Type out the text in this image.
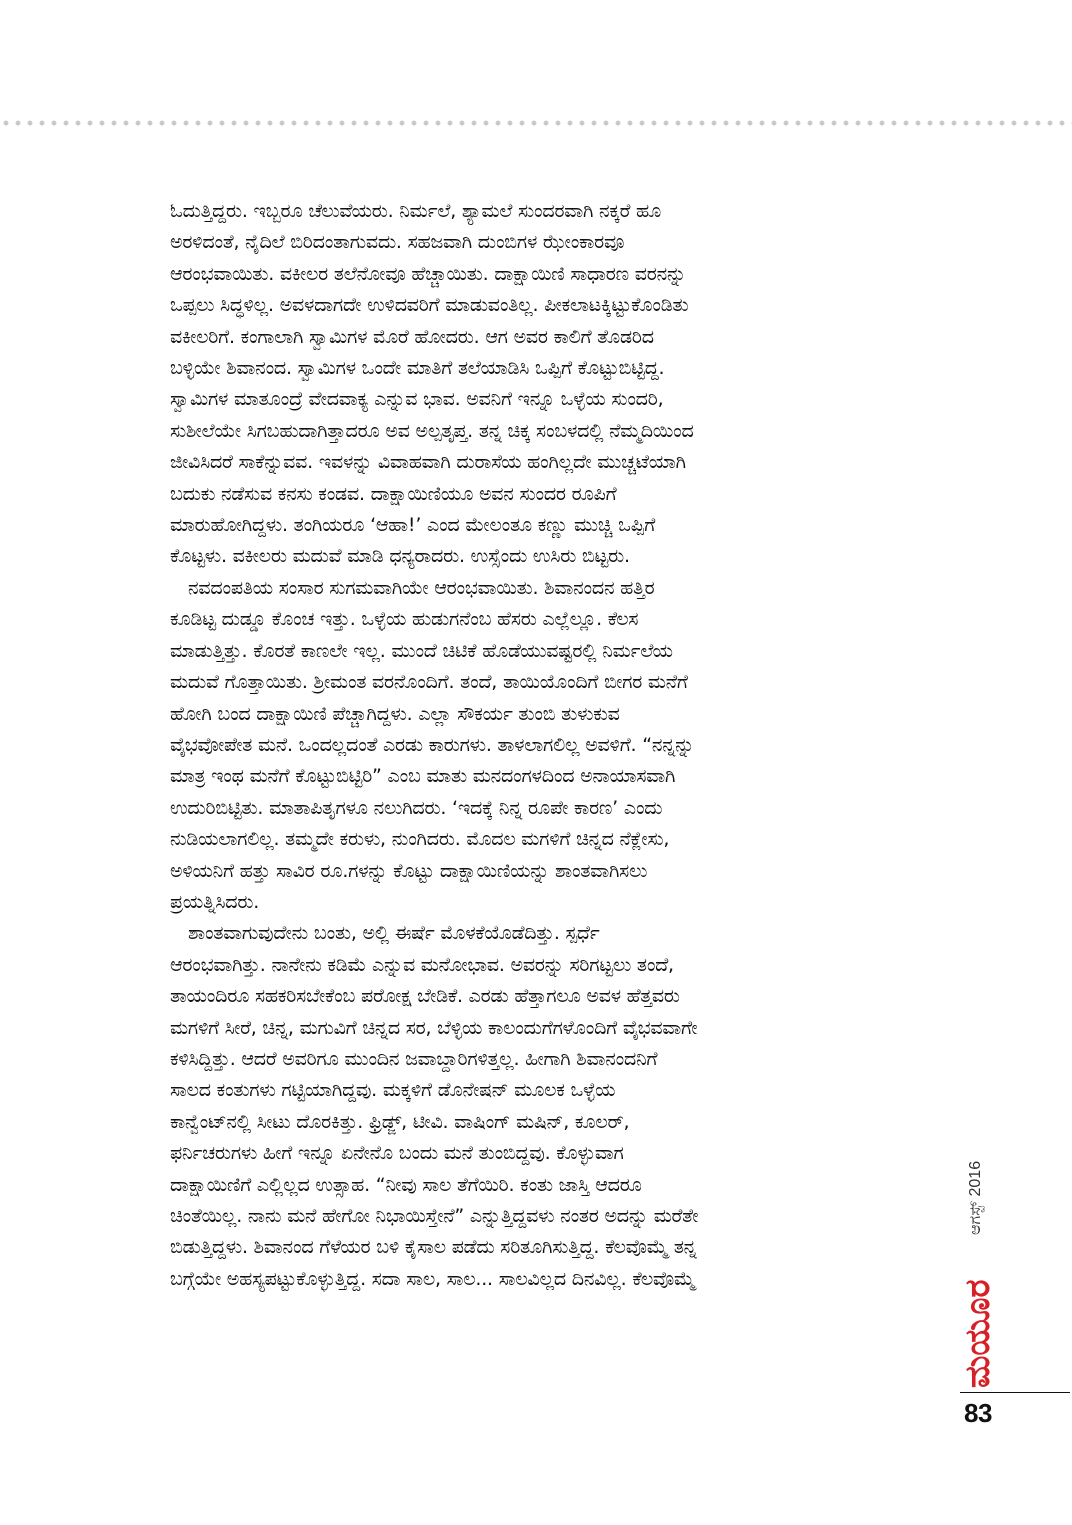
ಓದುತ್ತಿದ್ದರು. ಇಬ್ಬರೂ ಚೆಲುವೆಯರು. ನಿರ್ಮಲೆ, ಶ್ಯಾಮಲೆ ಸುಂದರವಾಗಿ ನಕ್ಕರೆ ಹೂ
ಅರಳಿದಂತೆ, ನೈದಿಲೆ ಬಿರಿದಂತಾಗುವದು. ಸಹಜವಾಗಿ ದುಂಬಿಗಳ ಝೇಂಕಾರವೂ
ಆರಂಭವಾಯಿತು. ವಕೀಲರ ತಲೆನೋವೂ ಹೆಚ್ಚಾಯಿತು. ದಾಕ್ಷಾಯಿಣಿ ಸಾಧಾರಣ ವರನನ್ನು
ಒಪ್ಪಲು ಸಿದ್ಧಳಿಲ್ಲ. ಅವಳದಾಗದೇ ಉಳಿದವರಿಗೆ ಮಾಡುವಂತಿಲ್ಲ. ಪೀಕಲಾಟಕ್ಕಿಟ್ಟುಕೊಂಡಿತು
ವಕೀಲರಿಗೆ. ಕಂಗಾಲಾಗಿ ಸ್ವಾಮಿಗಳ ಮೊರೆ ಹೋದರು. ಆಗ ಅವರ ಕಾಲಿಗೆ ತೊಡರಿದ
ಬಳ್ಳಿಯೇ ಶಿವಾನಂದ. ಸ್ವಾಮಿಗಳ ಒಂದೇ ಮಾತಿಗೆ ತಲೆಯಾಡಿಸಿ ಒಪ್ಪಿಗೆ ಕೊಟ್ಟುಬಿಟ್ಟಿದ್ದ.
ಸ್ವಾಮಿಗಳ ಮಾತೂಂದ್ರೆ ವೇದವಾಕ್ಯ ಎನ್ನುವ ಭಾವ. ಅವನಿಗೆ ಇನ್ನೂ ಒಳ್ಳೆಯ ಸುಂದರಿ,
ಸುಶೀಲೆಯೇ ಸಿಗಬಹುದಾಗಿತ್ತಾದರೂ ಅವ ಅಲ್ಪತೃಪ್ತ. ತನ್ನ ಚಿಕ್ಕ ಸಂಬಳದಲ್ಲಿ ನೆಮ್ಮದಿಯಿಂದ
ಜೀವಿಸಿದರೆ ಸಾಕೆನ್ನುವವ. ಇವಳನ್ನು ವಿವಾಹವಾಗಿ ದುರಾಸೆಯ ಹಂಗಿಲ್ಲದೇ ಮುಚ್ಚಟೆಯಾಗಿ
ಬದುಕು ನಡೆಸುವ ಕನಸು ಕಂಡವ. ದಾಕ್ಷಾಯಿಣಿಯೂ ಅವನ ಸುಂದರ ರೂಪಿಗೆ
ಮಾರುಹೋಗಿದ್ದಳು. ತಂಗಿಯರೂ ‘ಆಹಾ!’ ಎಂದ ಮೇಲಂತೂ ಕಣ್ಣು ಮುಚ್ಚಿ ಒಪ್ಪಿಗೆ
ಕೊಟ್ಟಳು. ವಕೀಲರು ಮದುವೆ ಮಾಡಿ ಧನ್ಯರಾದರು. ಉಸ್ಸೆಂದು ಉಸಿರು ಬಿಟ್ಟರು.

ನವದಂಪತಿಯ ಸಂಸಾರ ಸುಗಮವಾಗಿಯೇ ಆರಂಭವಾಯಿತು. ಶಿವಾನಂದನ ಹತ್ತಿರ
ಕೂಡಿಟ್ಟ ದುಡ್ಡೂ ಕೊಂಚ ಇತ್ತು. ಒಳ್ಳೆಯ ಹುಡುಗನೆಂಬ ಹೆಸರು ಎಲ್ಲೆಲ್ಲೂ. ಕೆಲಸ
ಮಾಡುತ್ತಿತ್ತು. ಕೊರತೆ ಕಾಣಲೇ ಇಲ್ಲ. ಮುಂದೆ ಚಿಟಿಕೆ ಹೊಡೆಯುವಷ್ಟರಲ್ಲಿ ನಿರ್ಮಲೆಯ
ಮದುವೆ ಗೊತ್ತಾಯಿತು. ಶ್ರೀಮಂತ ವರನೊಂದಿಗೆ. ತಂದೆ, ತಾಯಿಯೊಂದಿಗೆ ಬೀಗರ ಮನೆಗೆ
ಹೋಗಿ ಬಂದ ದಾಕ್ಷಾಯಿಣಿ ಪೆಚ್ಚಾಗಿದ್ದಳು. ಎಲ್ಲಾ ಸೌಕರ್ಯ ತುಂಬಿ ತುಳುಕುವ
ವೈಭವೋಪೇತ ಮನೆ. ಒಂದಲ್ಲದಂತೆ ಎರಡು ಕಾರುಗಳು. ತಾಳಲಾಗಲಿಲ್ಲ ಅವಳಿಗೆ. “ನನ್ನನ್ನು
ಮಾತ್ರ ಇಂಥ ಮನೆಗೆ ಕೊಟ್ಟುಬಿಟ್ಟಿರಿ” ಎಂಬ ಮಾತು ಮನದಂಗಳದಿಂದ ಅನಾಯಾಸವಾಗಿ
ಉದುರಿಬಿಟ್ಟಿತು. ಮಾತಾಪಿತೃಗಳೂ ನಲುಗಿದರು. ‘ಇದಕ್ಕೆ ನಿನ್ನ ರೂಪೇ ಕಾರಣ’ ಎಂದು
ನುಡಿಯಲಾಗಲಿಲ್ಲ. ತಮ್ಮದೇ ಕರುಳು, ನುಂಗಿದರು. ಮೊದಲ ಮಗಳಿಗೆ ಚಿನ್ನದ ನೆಕ್ಲೇಸು,
ಅಳಿಯನಿಗೆ ಹತ್ತು ಸಾವಿರ ರೂ.ಗಳನ್ನು ಕೊಟ್ಟು ದಾಕ್ಷಾಯಿಣಿಯನ್ನು ಶಾಂತವಾಗಿಸಲು
ಪ್ರಯತ್ನಿಸಿದರು.

ಶಾಂತವಾಗುವುದೇನು ಬಂತು, ಅಲ್ಲಿ ಈರ್ಷೆ ಮೊಳಕೆಯೊಡೆದಿತ್ತು. ಸ್ಪರ್ಧೆ
ಆರಂಭವಾಗಿತ್ತು. ನಾನೇನು ಕಡಿಮೆ ಎನ್ನುವ ಮನೋಭಾವ. ಅವರನ್ನು ಸರಿಗಟ್ಟಲು ತಂದೆ,
ತಾಯಂದಿರೂ ಸಹಕರಿಸಬೇಕೆಂಬ ಪರೋಕ್ಷ ಬೇಡಿಕೆ. ಎರಡು ಹೆತ್ತಾಗಲೂ ಅವಳ ಹೆತ್ತವರು
ಮಗಳಿಗೆ ಸೀರೆ, ಚಿನ್ನ, ಮಗುವಿಗೆ ಚಿನ್ನದ ಸರ, ಬೆಳ್ಳಿಯ ಕಾಲಂದುಗೆಗಳೊಂದಿಗೆ ವೈಭವವಾಗೇ
ಕಳಿಸಿದ್ದಿತ್ತು. ಆದರೆ ಅವರಿಗೂ ಮುಂದಿನ ಜವಾಬ್ದಾರಿಗಳಿತ್ತಲ್ಲ. ಹೀಗಾಗಿ ಶಿವಾನಂದನಿಗೆ
ಸಾಲದ ಕಂತುಗಳು ಗಟ್ಟಿಯಾಗಿದ್ದವು. ಮಕ್ಕಳಿಗೆ ಡೊನೇಷನ್ ಮೂಲಕ ಒಳ್ಳೆಯ
ಕಾನ್ವೆಂಟ್‌ನಲ್ಲಿ ಸೀಟು ದೊರಕಿತ್ತು. ಫ್ರಿಡ್ಜ್, ಟೀವಿ. ವಾಷಿಂಗ್ ಮಷಿನ್, ಕೂಲರ್,
ಫರ್ನಿಚರುಗಳು ಹೀಗೆ ಇನ್ನೂ ಏನೇನೊ ಬಂದು ಮನೆ ತುಂಬಿದ್ದವು. ಕೊಳ್ಳುವಾಗ
ದಾಕ್ಷಾಯಿಣಿಗೆ ಎಲ್ಲಿಲ್ಲದ ಉತ್ಸಾಹ. “ನೀವು ಸಾಲ ತೆಗೆಯಿರಿ. ಕಂತು ಜಾಸ್ತಿ ಆದರೂ
ಚಿಂತೆಯಿಲ್ಲ. ನಾನು ಮನೆ ಹೇಗೋ ನಿಭಾಯಿಸ್ತೇನೆ” ಎನ್ನುತ್ತಿದ್ದವಳು ನಂತರ ಅದನ್ನು ಮರೆತೇ
ಬಿಡುತ್ತಿದ್ದಳು. ಶಿವಾನಂದ ಗೆಳೆಯರ ಬಳಿ ಕೈಸಾಲ ಪಡೆದು ಸರಿತೂಗಿಸುತ್ತಿದ್ದ. ಕೆಲವೊಮ್ಮೆ ತನ್ನ
ಬಗ್ಗೆಯೇ ಅಹಸ್ಯಪಟ್ಟುಕೊಳ್ಳುತ್ತಿದ್ದ. ಸದಾ ಸಾಲ, ಸಾಲ... ಸಾಲವಿಲ್ಲದ ದಿನವಿಲ್ಲ. ಕೆಲವೊಮ್ಮೆ

ಆಗಸ್ಟ್ 2016
ಮಯೂರ
83
